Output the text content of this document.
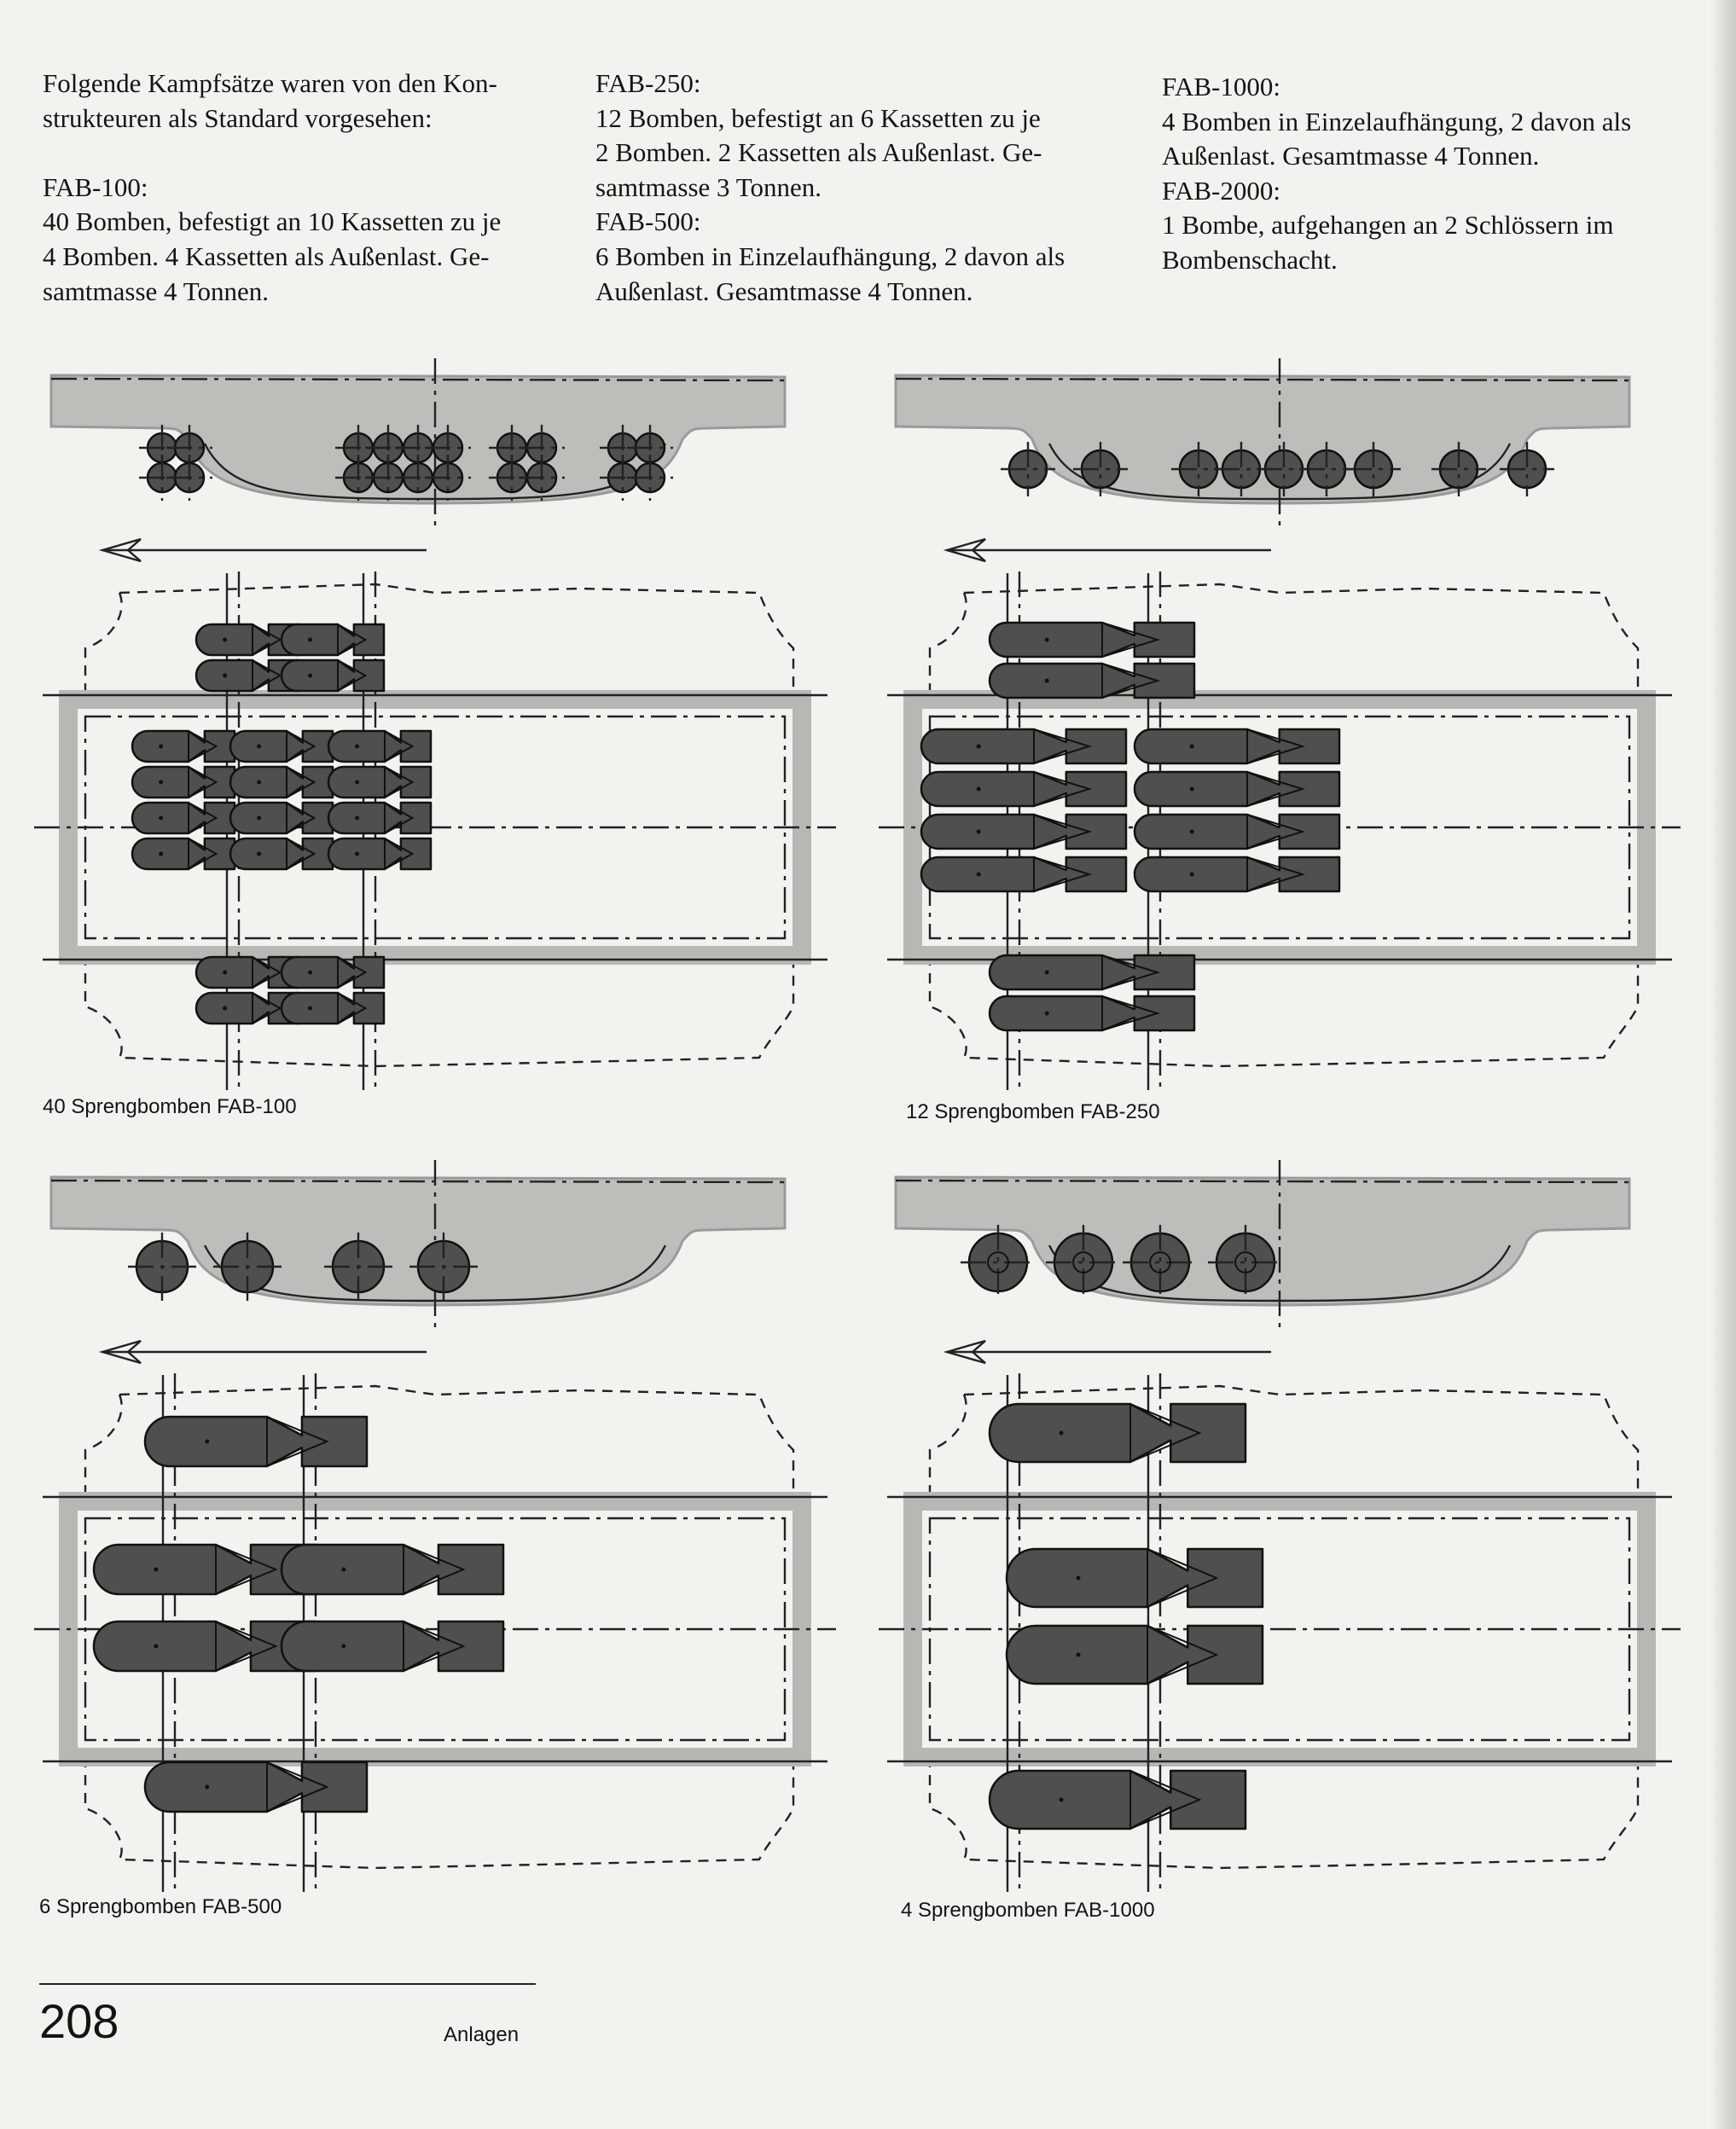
Folgende Kampfsätze waren von den Kon-

strukteuren als Standard vorgesehen:

FAB-100:

40 Bomben, befestigt an 10 Kassetten zu je

4 Bomben. 4 Kassetten als Außenlast. Ge-

samtmasse 4 Tonnen.

FAB-250:

12 Bomben, befestigt an 6 Kassetten zu je

2 Bomben. 2 Kassetten als Außenlast. Ge-

samtmasse 3 Tonnen.

FAB-500:

6 Bomben in Einzelaufhängung, 2 davon als

Außenlast. Gesamtmasse 4 Tonnen.

FAB-1000:

4 Bomben in Einzelaufhängung, 2 davon als

Außenlast. Gesamtmasse 4 Tonnen.

FAB-2000:

1 Bombe, aufgehangen an 2 Schlössern im

Bombenschacht.

40 Sprengbomben FAB-100	12 Sprengbomben FAB-250
6 Sprengbomben FAB-500	4 Sprengbomben FAB-1000
208	Anlagen
